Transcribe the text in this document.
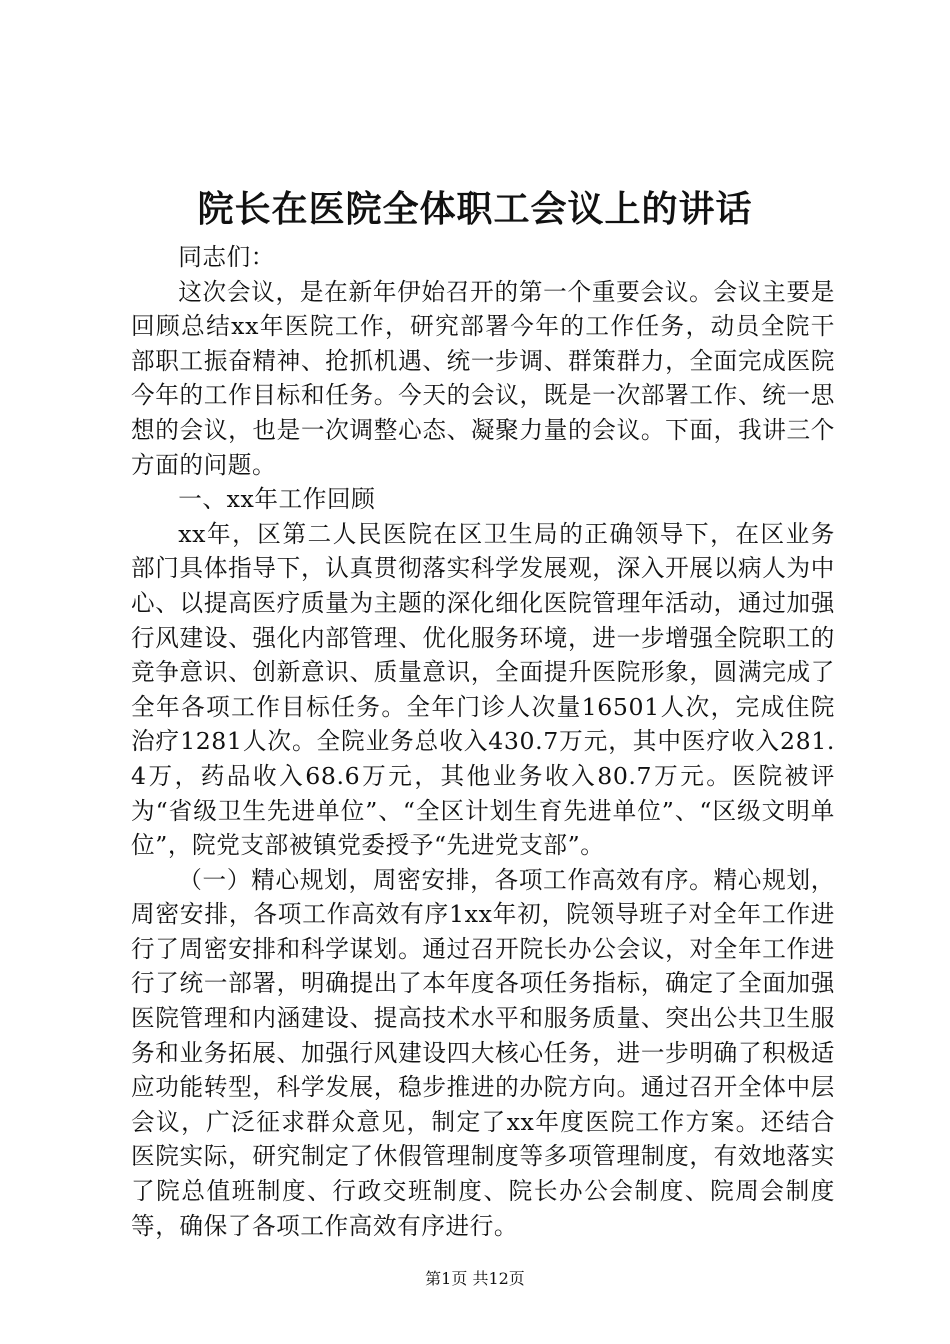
院长在医院全体职工会议上的讲话

同志们：

这次会议，是在新年伊始召开的第一个重要会议。会议主要是回顾总结xx年医院工作，研究部署今年的工作任务，动员全院干部职工振奋精神、抢抓机遇、统一步调、群策群力，全面完成医院今年的工作目标和任务。今天的会议，既是一次部署工作、统一思想的会议，也是一次调整心态、凝聚力量的会议。下面，我讲三个方面的问题。

一、xx年工作回顾

xx年，区第二人民医院在区卫生局的正确领导下，在区业务部门具体指导下，认真贯彻落实科学发展观，深入开展以病人为中心、以提高医疗质量为主题的深化细化医院管理年活动，通过加强行风建设、强化内部管理、优化服务环境，进一步增强全院职工的竞争意识、创新意识、质量意识，全面提升医院形象，圆满完成了全年各项工作目标任务。全年门诊人次量16501人次，完成住院治疗1281人次。全院业务总收入430.7万元，其中医疗收入281.4万，药品收入68.6万元，其他业务收入80.7万元。医院被评为“省级卫生先进单位”、“全区计划生育先进单位”、“区级文明单位”，院党支部被镇党委授予“先进党支部”。

（一）精心规划，周密安排，各项工作高效有序。精心规划，周密安排，各项工作高效有序1xx年初，院领导班子对全年工作进行了周密安排和科学谋划。通过召开院长办公会议，对全年工作进行了统一部署，明确提出了本年度各项任务指标，确定了全面加强医院管理和内涵建设、提高技术水平和服务质量、突出公共卫生服务和业务拓展、加强行风建设四大核心任务，进一步明确了积极适应功能转型，科学发展，稳步推进的办院方向。通过召开全体中层会议，广泛征求群众意见，制定了xx年度医院工作方案。还结合医院实际，研究制定了休假管理制度等多项管理制度，有效地落实了院总值班制度、行政交班制度、院长办公会制度、院周会制度等，确保了各项工作高效有序进行。

第1页 共12页
